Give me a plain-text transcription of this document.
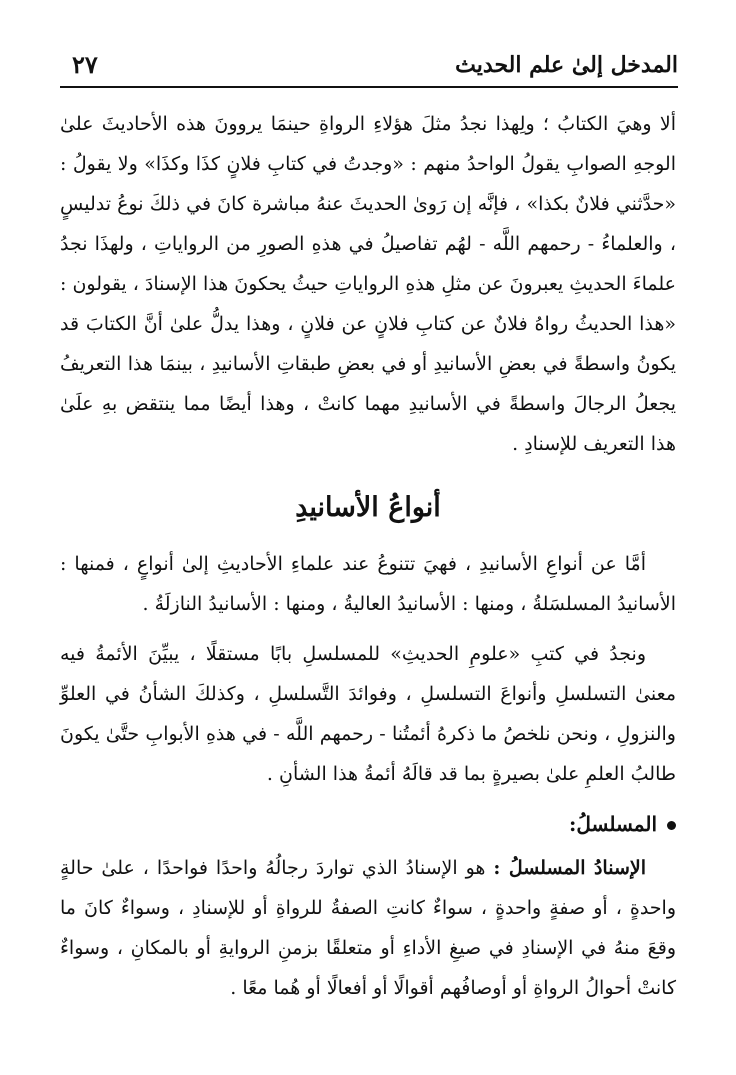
المدخل إلىٰ علم الحديث
٢٧

ألا وهيَ الكتابُ ؛ ولِهذا نجدُ مثلَ هؤلاءِ الرواةِ حينمَا يروونَ هذه الأحاديثَ علىٰ الوجهِ الصوابِ يقولُ الواحدُ منهم : «وجدتُ في كتابِ فلانٍ كذَا وكذَا» ولا يقولُ : «حدَّثني فلانٌ بكذا» ، فإنَّه إن رَوىٰ الحديثَ عنهُ مباشرة كانَ في ذلكَ نوعُ تدليسٍ ، والعلماءُ - رحمهم اللَّه - لهُم تفاصيلُ في هذهِ الصورِ من الرواياتِ ، ولهذَا نجدُ علماءَ الحديثِ يعبرونَ عن مثلِ هذهِ الرواياتِ حيثُ يحكونَ هذا الإسنادَ ، يقولون : «هذا الحديثُ رواهُ فلانٌ عن كتابِ فلانٍ عن فلانٍ ، وهذا يدلُّ علىٰ أنَّ الكتابَ قد يكونُ واسطةً في بعضِ الأسانيدِ أو في بعضِ طبقاتِ الأسانيدِ ، بينمَا هذا التعريفُ يجعلُ الرجالَ واسطةً في الأسانيدِ مهما كانتْ ، وهذا أيضًا مما ينتقض بهِ علَىٰ هذا التعريف للإسنادِ .

أنواعُ الأسانيدِ

أمَّا عن أنواعِ الأسانيدِ ، فهيَ تتنوعُ عند علماءِ الأحاديثِ إلىٰ أنواعٍ ، فمنها : الأسانيدُ المسلسَلةُ ، ومنها : الأسانيدُ العاليةُ ، ومنها : الأسانيدُ النازلَةُ .

ونجدُ في كتبِ «علومِ الحديثِ» للمسلسلِ بابًا مستقلًا ، يبيِّنَ الأئمةُ فيه معنىٰ التسلسلِ وأنواعَ التسلسلِ ، وفوائدَ التَّسلسلِ ، وكذلكَ الشأنُ في العلوِّ والنزولِ ، ونحن نلخصُ ما ذكرهُ أئمتُنا - رحمهم اللَّه - في هذهِ الأبوابِ حتَّىٰ يكونَ طالبُ العلمِ علىٰ بصيرةٍ بما قد قالَهُ أئمةُ هذا الشأنِ .

المسلسلُ:

الإسنادُ المسلسلُ : هو الإسنادُ الذي تواردَ رجالُهُ واحدًا فواحدًا ، علىٰ حالةٍ واحدةٍ ، أو صفةٍ واحدةٍ ، سواءٌ كانتِ الصفةُ للرواةِ أو للإسنادِ ، وسواءٌ كانَ ما وقعَ منهُ في الإسنادِ في صيغِ الأداءِ أو متعلقًا بزمنِ الروايةِ أو بالمكانِ ، وسواءٌ كانتْ أحوالُ الرواةِ أو أوصافُهم أقوالًا أو أفعالًا أو هُما معًا .
